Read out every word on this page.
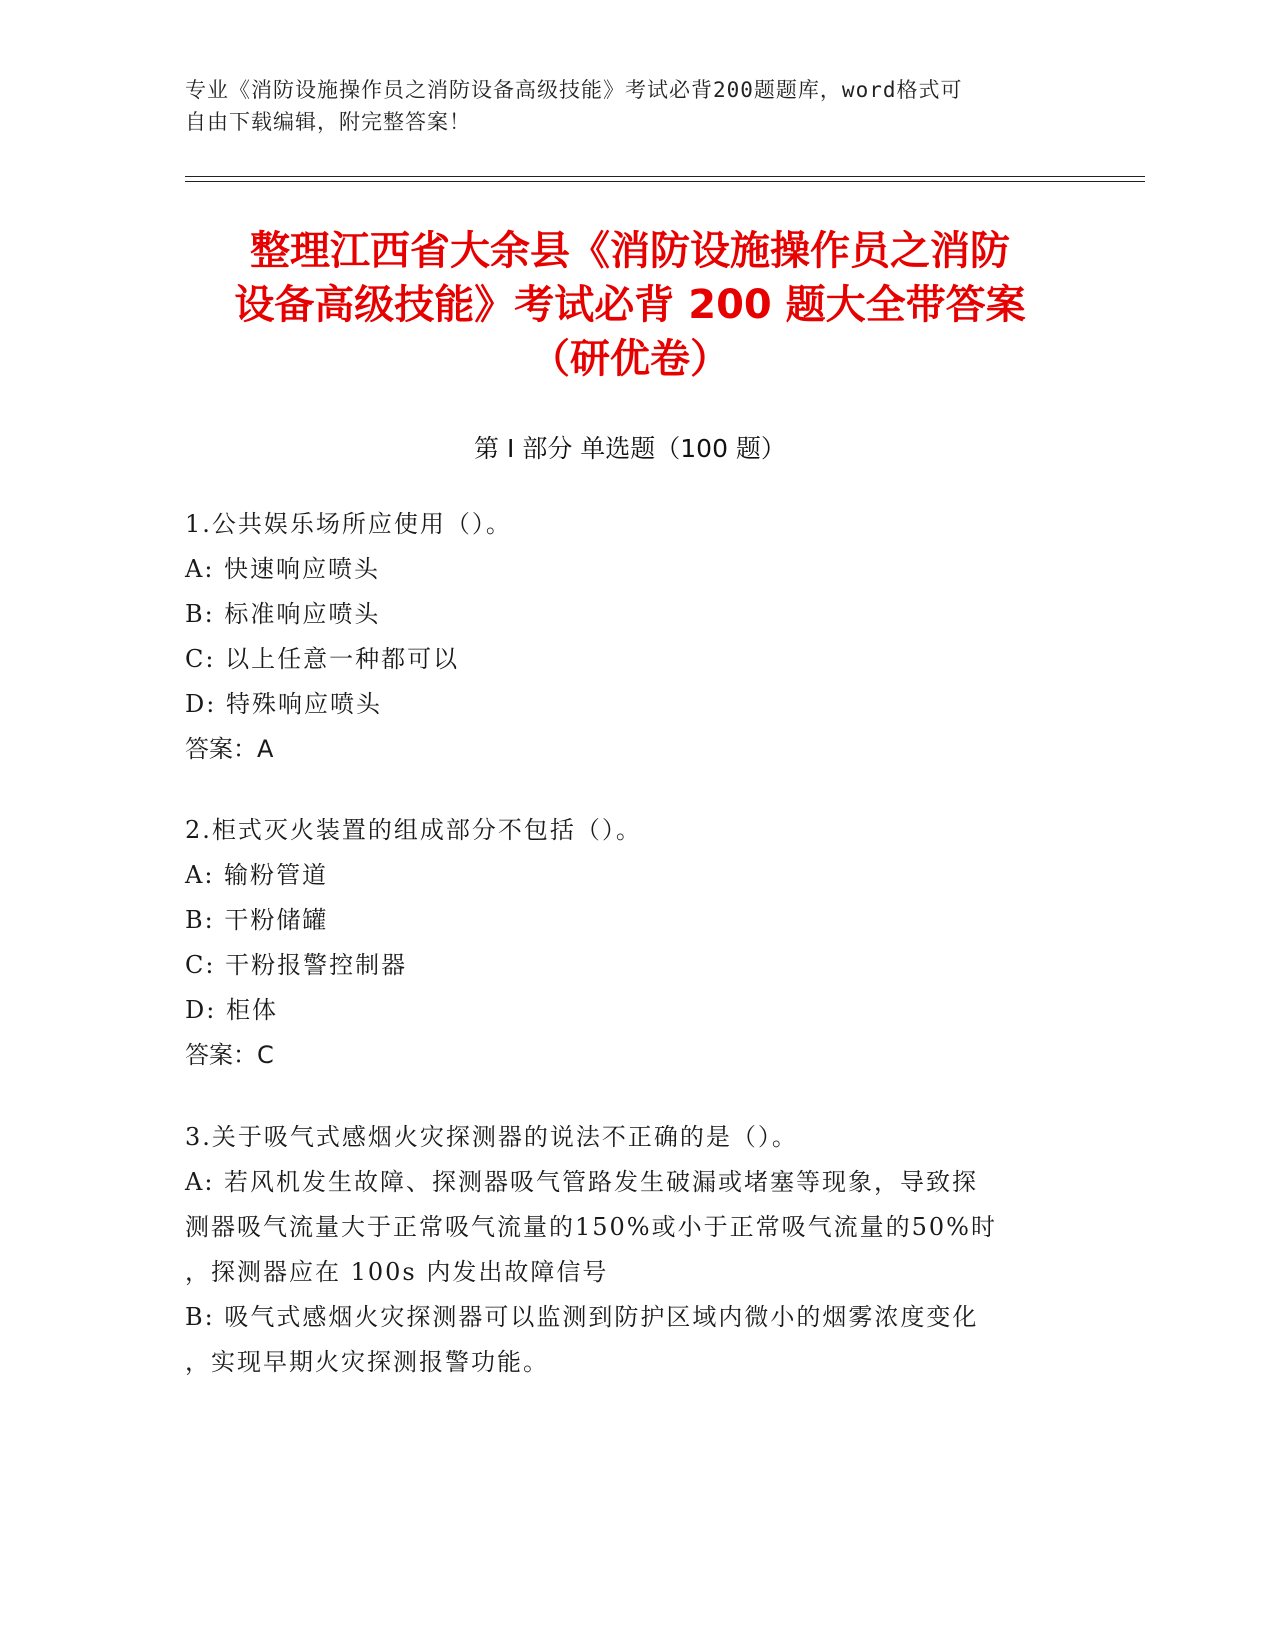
专业《消防设施操作员之消防设备高级技能》考试必背200题题库，word格式可
自由下载编辑，附完整答案！
整理江西省大余县《消防设施操作员之消防
设备高级技能》考试必背 200 题大全带答案
（研优卷）
第 I 部分 单选题（100 题）
1.公共娱乐场所应使用（）。
A: 快速响应喷头
B: 标准响应喷头
C: 以上任意一种都可以
D: 特殊响应喷头
答案：A
2.柜式灭火装置的组成部分不包括（）。
A: 输粉管道
B: 干粉储罐
C: 干粉报警控制器
D: 柜体
答案：C
3.关于吸气式感烟火灾探测器的说法不正确的是（）。
A: 若风机发生故障、探测器吸气管路发生破漏或堵塞等现象，导致探
测器吸气流量大于正常吸气流量的150%或小于正常吸气流量的50%时
，探测器应在 100s 内发出故障信号
B: 吸气式感烟火灾探测器可以监测到防护区域内微小的烟雾浓度变化
，实现早期火灾探测报警功能。
